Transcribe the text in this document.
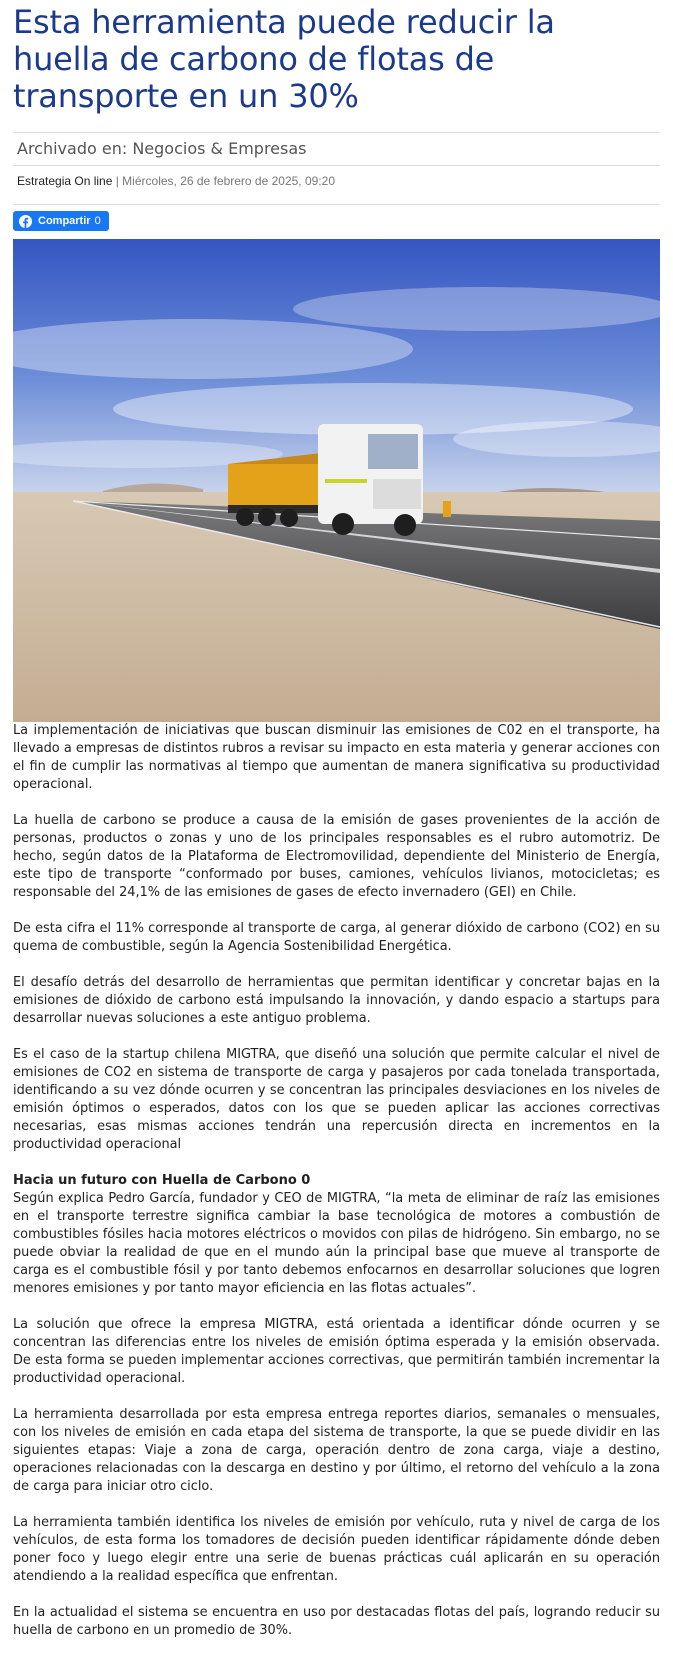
Esta herramienta puede reducir la huella de carbono de flotas de transporte en un 30%
Archivado en: Negocios & Empresas
Estrategia On line | Miércoles, 26 de febrero de 2025, 09:20
Compartir 0

La implementación de iniciativas que buscan disminuir las emisiones de C02 en el transporte, ha llevado a empresas de distintos rubros a revisar su impacto en esta materia y generar acciones con el fin de cumplir las normativas al tiempo que aumentan de manera significativa su productividad operacional.

La huella de carbono se produce a causa de la emisión de gases provenientes de la acción de personas, productos o zonas y uno de los principales responsables es el rubro automotriz. De hecho, según datos de la Plataforma de Electromovilidad, dependiente del Ministerio de Energía, este tipo de transporte “conformado por buses, camiones, vehículos livianos, motocicletas; es responsable del 24,1% de las emisiones de gases de efecto invernadero (GEI) en Chile.

De esta cifra el 11% corresponde al transporte de carga, al generar dióxido de carbono (CO2) en su quema de combustible, según la Agencia Sostenibilidad Energética.

El desafío detrás del desarrollo de herramientas que permitan identificar y concretar bajas en la emisiones de dióxido de carbono está impulsando la innovación, y dando espacio a startups para desarrollar nuevas soluciones a este antiguo problema.

Es el caso de la startup chilena MIGTRA, que diseñó una solución que permite calcular el nivel de emisiones de CO2 en sistema de transporte de carga y pasajeros por cada tonelada transportada, identificando a su vez dónde ocurren y se concentran las principales desviaciones en los niveles de emisión óptimos o esperados, datos con los que se pueden aplicar las acciones correctivas necesarias, esas mismas acciones tendrán una repercusión directa en incrementos en la productividad operacional

Hacia un futuro con Huella de Carbono 0

Según explica Pedro García, fundador y CEO de MIGTRA, “la meta de eliminar de raíz las emisiones en el transporte terrestre significa cambiar la base tecnológica de motores a combustión de combustibles fósiles hacia motores eléctricos o movidos con pilas de hidrógeno. Sin embargo, no se puede obviar la realidad de que en el mundo aún la principal base que mueve al transporte de carga es el combustible fósil y por tanto debemos enfocarnos en desarrollar soluciones que logren menores emisiones y por tanto mayor eficiencia en las flotas actuales”.

La solución que ofrece la empresa MIGTRA, está orientada a identificar dónde ocurren y se concentran las diferencias entre los niveles de emisión óptima esperada y la emisión observada. De esta forma se pueden implementar acciones correctivas, que permitirán también incrementar la productividad operacional.

La herramienta desarrollada por esta empresa entrega reportes diarios, semanales o mensuales, con los niveles de emisión en cada etapa del sistema de transporte, la que se puede dividir en las siguientes etapas: Viaje a zona de carga, operación dentro de zona carga, viaje a destino, operaciones relacionadas con la descarga en destino y por último, el retorno del vehículo a la zona de carga para iniciar otro ciclo.

La herramienta también identifica los niveles de emisión por vehículo, ruta y nivel de carga de los vehículos, de esta forma los tomadores de decisión pueden identificar rápidamente dónde deben poner foco y luego elegir entre una serie de buenas prácticas cuál aplicarán en su operación atendiendo a la realidad específica que enfrentan.

En la actualidad el sistema se encuentra en uso por destacadas flotas del país, logrando reducir su huella de carbono en un promedio de 30%.
